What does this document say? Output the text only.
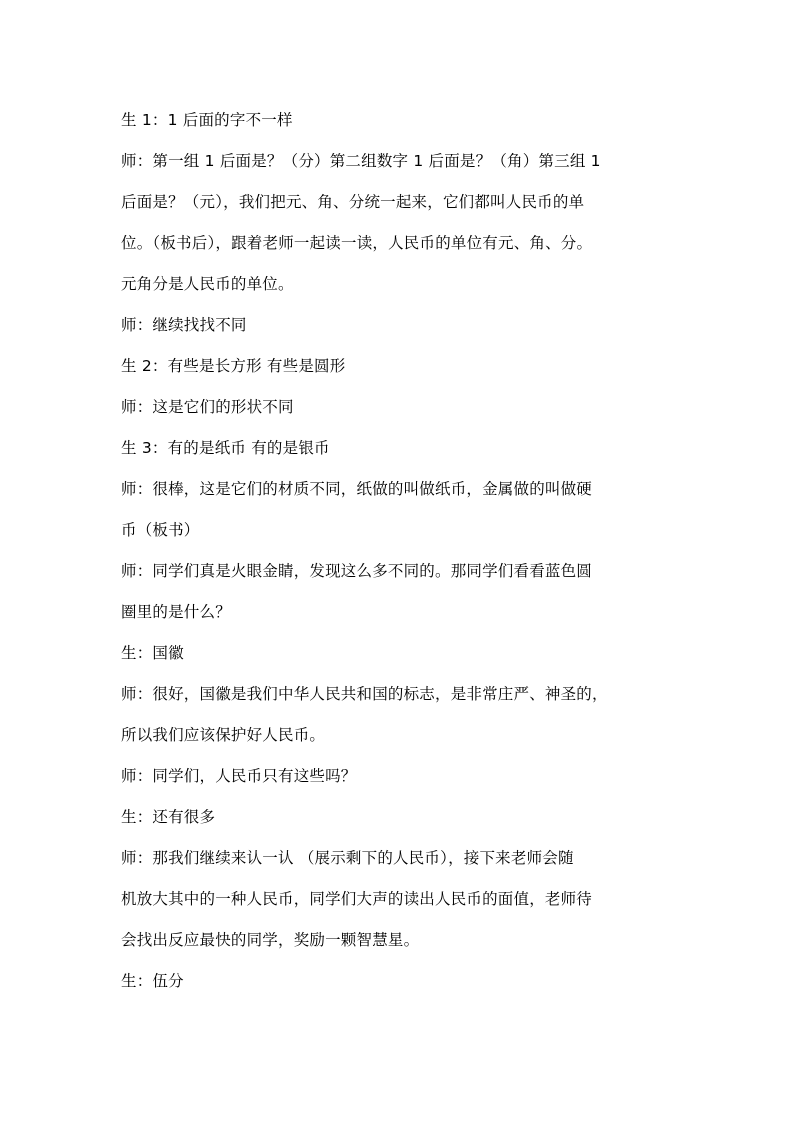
生 1：1 后面的字不一样
师：第一组 1 后面是？（分）第二组数字 1 后面是？（角）第三组 1
后面是？（元），我们把元、角、分统一起来，它们都叫人民币的单
位。（板书后），跟着老师一起读一读，人民币的单位有元、角、分。
元角分是人民币的单位。
师：继续找找不同
生 2：有些是长方形 有些是圆形
师：这是它们的形状不同
生 3：有的是纸币 有的是银币
师：很棒，这是它们的材质不同，纸做的叫做纸币，金属做的叫做硬
币（板书）
师：同学们真是火眼金睛，发现这么多不同的。那同学们看看蓝色圆
圈里的是什么？
生：国徽
师：很好，国徽是我们中华人民共和国的标志，是非常庄严、神圣的，
所以我们应该保护好人民币。
师：同学们，人民币只有这些吗？
生：还有很多
师：那我们继续来认一认 （展示剩下的人民币），接下来老师会随
机放大其中的一种人民币，同学们大声的读出人民币的面值，老师待
会找出反应最快的同学，奖励一颗智慧星。
生：伍分
